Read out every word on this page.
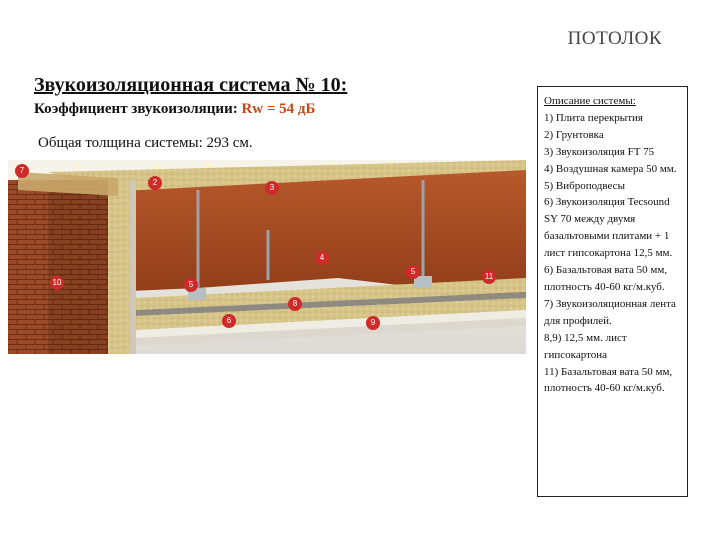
ПОТОЛОК
Звукоизоляционная система № 10:
Коэффициент звукоизоляции: Rw = 54 дБ
Общая толщина системы: 293 см.
7
2
3
4
5
5
11
10
8
6	9
Описание системы:

1) Плита перекрытия

2) Грунтовка

3) Звукоизоляция FT 75

4) Воздушная камера 50 мм.

5) Виброподвесы

6) Звукоизоляция Tecsound SY 70 между двумя базальтовыми плитами + 1 лист гипсокартона 12,5 мм.

6) Базальтовая вата 50 мм, плотность 40-60 кг/м.куб.

7) Звукоизоляционная лента для профилей.

8,9) 12,5 мм. лист гипсокартона

11) Базальтовая вата 50 мм, плотность 40-60 кг/м.куб.
